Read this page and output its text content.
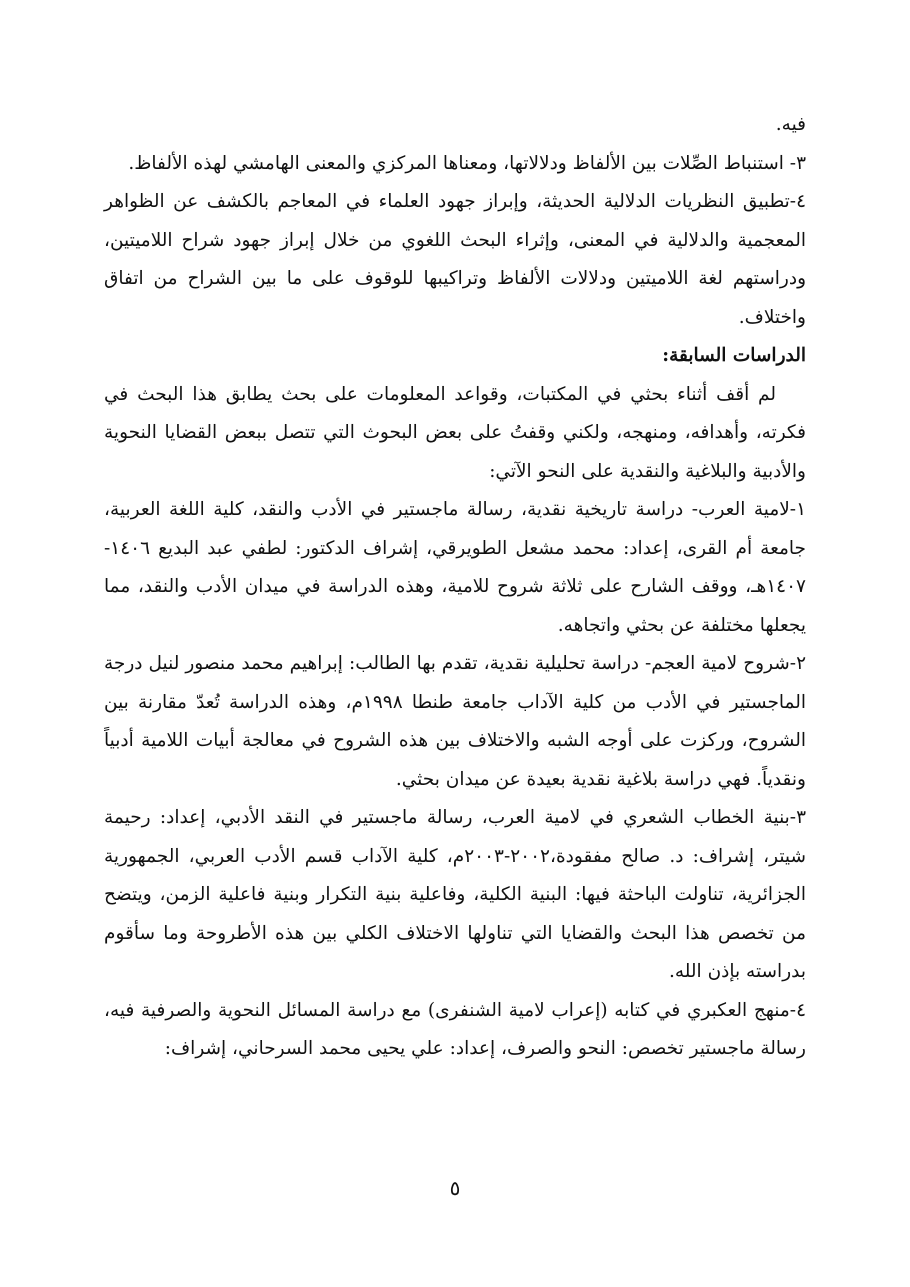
فيه.

٣- استنباط الصِّلات بين الألفاظ ودلالاتها، ومعناها المركزي والمعنى الهامشي لهذه الألفاظ.

٤-تطبيق النظريات الدلالية الحديثة، وإبراز جهود العلماء في المعاجم بالكشف عن الظواهر المعجمية والدلالية في المعنى، وإثراء البحث اللغوي من خلال إبراز جهود شراح اللاميتين، ودراستهم لغة اللاميتين ودلالات الألفاظ وتراكيبها للوقوف على ما بين الشراح من اتفاق واختلاف.

الدراسات السابقة:

لم أقف أثناء بحثي في المكتبات، وقواعد المعلومات على بحث يطابق هذا البحث في فكرته، وأهدافه، ومنهجه، ولكني وقفتُ على بعض البحوث التي تتصل ببعض القضايا النحوية والأدبية والبلاغية والنقدية على النحو الآتي:

١-لامية العرب- دراسة تاريخية نقدية، رسالة ماجستير في الأدب والنقد، كلية اللغة العربية، جامعة أم القرى، إعداد: محمد مشعل الطويرقي، إشراف الدكتور: لطفي عبد البديع ١٤٠٦- ١٤٠٧هـ، ووقف الشارح على ثلاثة شروح للامية، وهذه الدراسة في ميدان الأدب والنقد، مما يجعلها مختلفة عن بحثي واتجاهه.

٢-شروح لامية العجم- دراسة تحليلية نقدية، تقدم بها الطالب: إبراهيم محمد منصور لنيل درجة الماجستير في الأدب من كلية الآداب جامعة طنطا ١٩٩٨م، وهذه الدراسة تُعدّ مقارنة بين الشروح، وركزت على أوجه الشبه والاختلاف بين هذه الشروح في معالجة أبيات اللامية أدبياً ونقدياً. فهي دراسة بلاغية نقدية بعيدة عن ميدان بحثي.

٣-بنية الخطاب الشعري في لامية العرب، رسالة ماجستير في النقد الأدبي، إعداد: رحيمة شيتر، إشراف: د. صالح مفقودة،٢٠٠٢-٢٠٠٣م، كلية الآداب قسم الأدب العربي، الجمهورية الجزائرية، تناولت الباحثة فيها: البنية الكلية، وفاعلية بنية التكرار وبنية فاعلية الزمن، ويتضح من تخصص هذا البحث والقضايا التي تناولها الاختلاف الكلي بين هذه الأطروحة وما سأقوم بدراسته بإذن الله.

٤-منهج العكبري في كتابه (إعراب لامية الشنفرى) مع دراسة المسائل النحوية والصرفية فيه، رسالة ماجستير تخصص: النحو والصرف، إعداد: علي يحيى محمد السرحاني، إشراف:

٥
